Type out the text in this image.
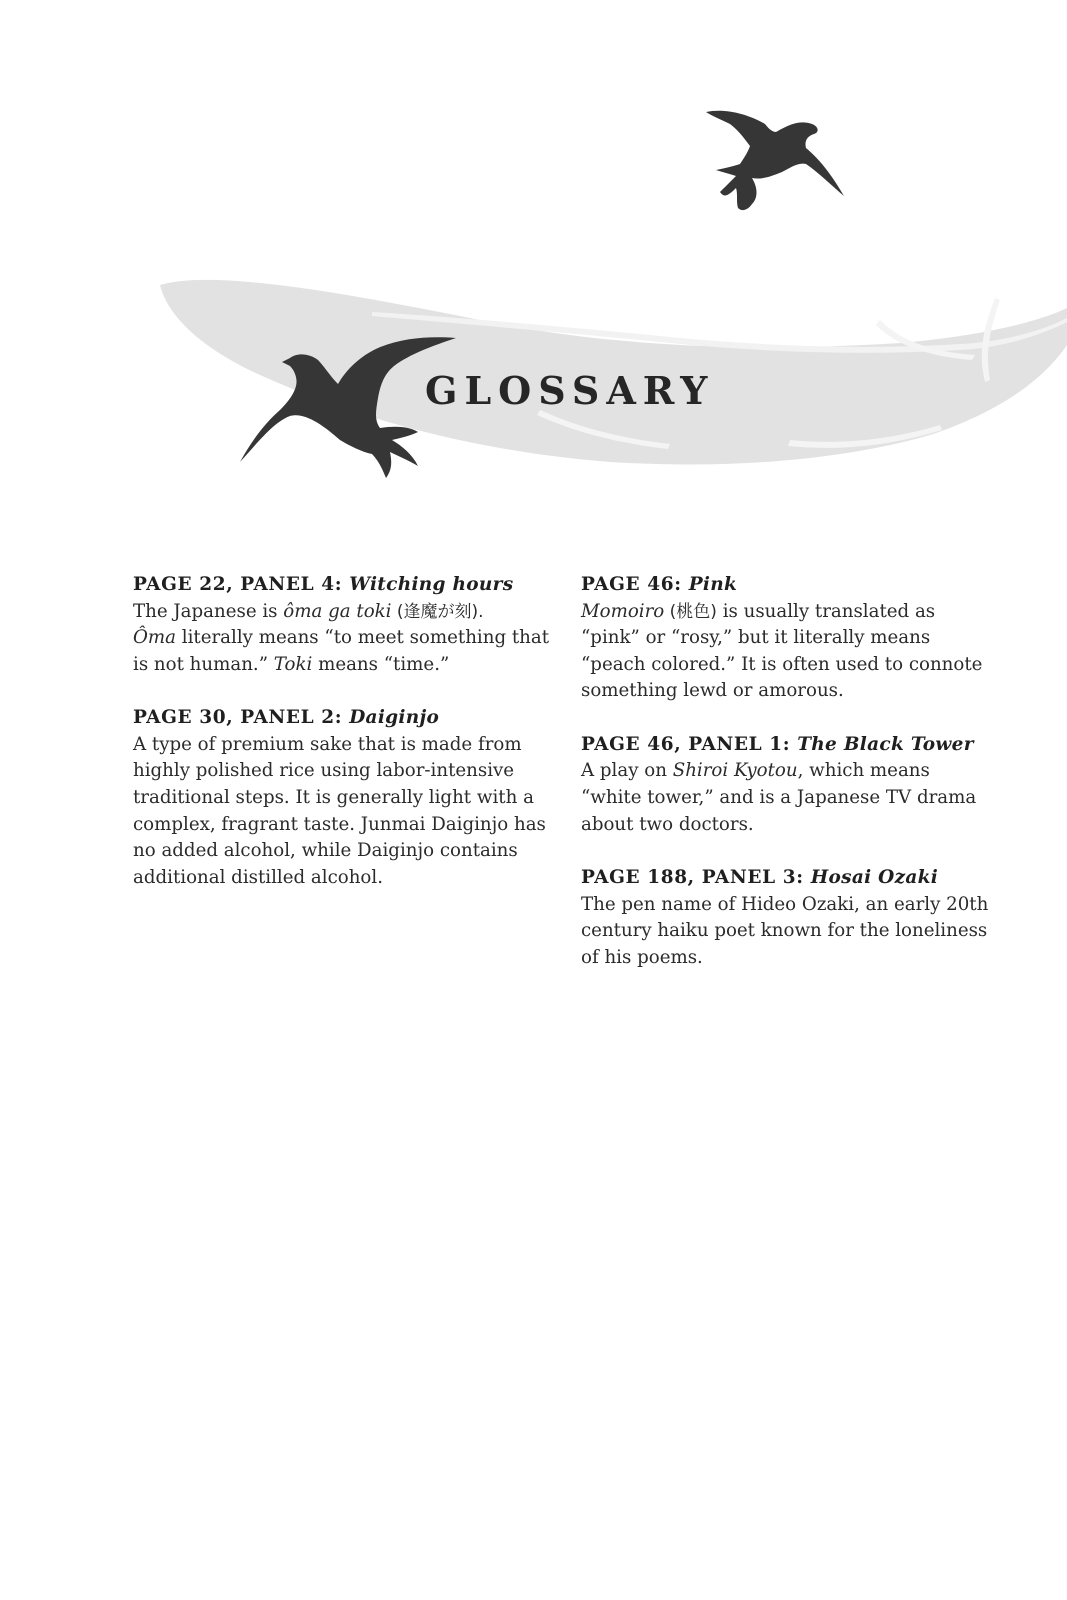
GLOSSARY
PAGE 22, PANEL 4: Witching hours
The Japanese is ôma ga toki (逢魔が刻).
Ôma literally means “to meet something that is not human.” Toki means “time.”
PAGE 30, PANEL 2: Daiginjo
A type of premium sake that is made from highly polished rice using labor-intensive traditional steps. It is generally light with a complex, fragrant taste. Junmai Daiginjo has no added alcohol, while Daiginjo contains additional distilled alcohol.
PAGE 46: Pink
Momoiro (桃色) is usually translated as “pink” or “rosy,” but it literally means “peach colored.” It is often used to connote something lewd or amorous.
PAGE 46, PANEL 1: The Black Tower
A play on Shiroi Kyotou, which means “white tower,” and is a Japanese TV drama about two doctors.
PAGE 188, PANEL 3: Hosai Ozaki
The pen name of Hideo Ozaki, an early 20th century haiku poet known for the loneliness of his poems.
